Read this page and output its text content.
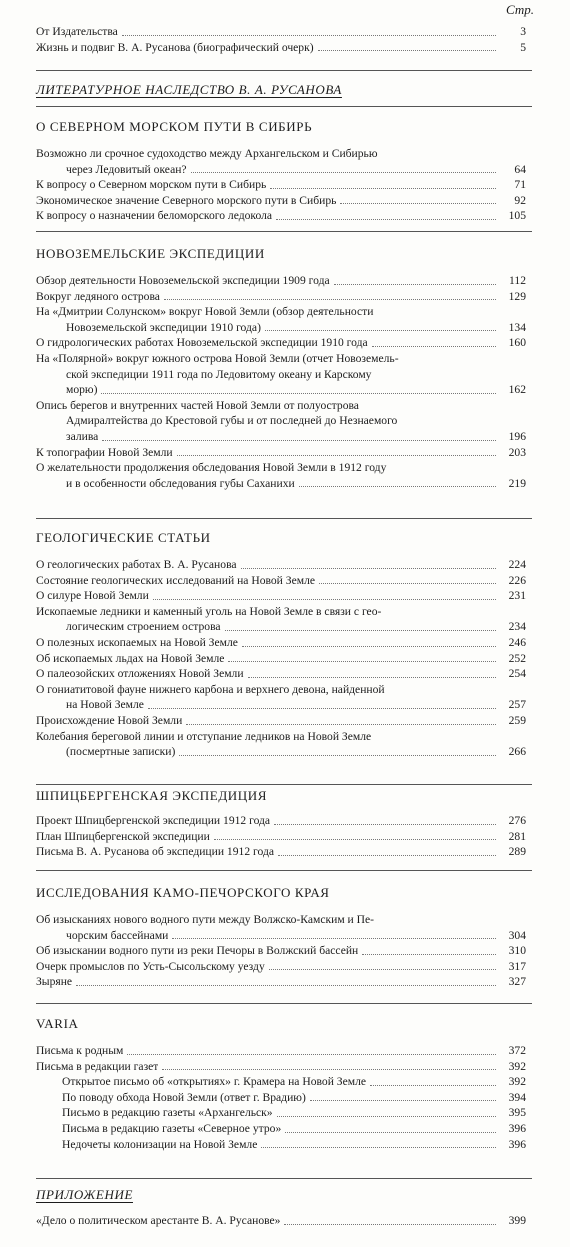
Стр.
От Издательства	3
Жизнь и подвиг В. А. Русанова (биографический очерк)	5
ЛИТЕРАТУРНОЕ НАСЛЕДСТВО В. А. РУСАНОВА
О СЕВЕРНОМ МОРСКОМ ПУТИ В СИБИРЬ
Возможно ли срочное судоходство между Архангельском и Сибирью
через Ледовитый океан?	64
К вопросу о Северном морском пути в Сибирь	71
Экономическое значение Северного морского пути в Сибирь	92
К вопросу о назначении беломорского ледокола	105
НОВОЗЕМЕЛЬСКИЕ ЭКСПЕДИЦИИ
Обзор деятельности Новоземельской экспедиции 1909 года	112
Вокруг ледяного острова	129
На «Дмитрии Солунском» вокруг Новой Земли (обзор деятельности
Новоземельской экспедиции 1910 года)	134
О гидрологических работах Новоземельской экспедиции 1910 года	160
На «Полярной» вокруг южного острова Новой Земли (отчет Новоземель-
ской экспедиции 1911 года по Ледовитому океану и Карскому
морю)	162
Опись берегов и внутренних частей Новой Земли от полуострова
Адмиралтейства до Крестовой губы и от последней до Незнаемого
залива	196
К топографии Новой Земли	203
О желательности продолжения обследования Новой Земли в 1912 году
и в особенности обследования губы Саханихи	219
ГЕОЛОГИЧЕСКИЕ СТАТЬИ
О геологических работах В. А. Русанова	224
Состояние геологических исследований на Новой Земле	226
О силуре Новой Земли	231
Ископаемые ледники и каменный уголь на Новой Земле в связи с гео-
логическим строением острова	234
О полезных ископаемых на Новой Земле	246
Об ископаемых льдах на Новой Земле	252
О палеозойских отложениях Новой Земли	254
О гониатитовой фауне нижнего карбона и верхнего девона, найденной
на Новой Земле	257
Происхождение Новой Земли	259
Колебания береговой линии и отступание ледников на Новой Земле
(посмертные записки)	266
ШПИЦБЕРГЕНСКАЯ ЭКСПЕДИЦИЯ
Проект Шпицбергенской экспедиции 1912 года	276
План Шпицбергенской экспедиции	281
Письма В. А. Русанова об экспедиции 1912 года	289
ИССЛЕДОВАНИЯ КАМО-ПЕЧОРСКОГО КРАЯ
Об изысканиях нового водного пути между Волжско-Камским и Пе-
чорским бассейнами	304
Об изыскании водного пути из реки Печоры в Волжский бассейн	310
Очерк промыслов по Усть-Сысольскому уезду	317
Зыряне	327
VARIA
Письма к родным	372
Письма в редакции газет	392
Открытое письмо об «открытиях» г. Крамера на Новой Земле	392
По поводу обхода Новой Земли (ответ г. Врадию)	394
Письмо в редакцию газеты «Архангельск»	395
Письма в редакцию газеты «Северное утро»	396
Недочеты колонизации на Новой Земле	396
ПРИЛОЖЕНИЕ
«Дело о политическом арестанте В. А. Русанове»	399
